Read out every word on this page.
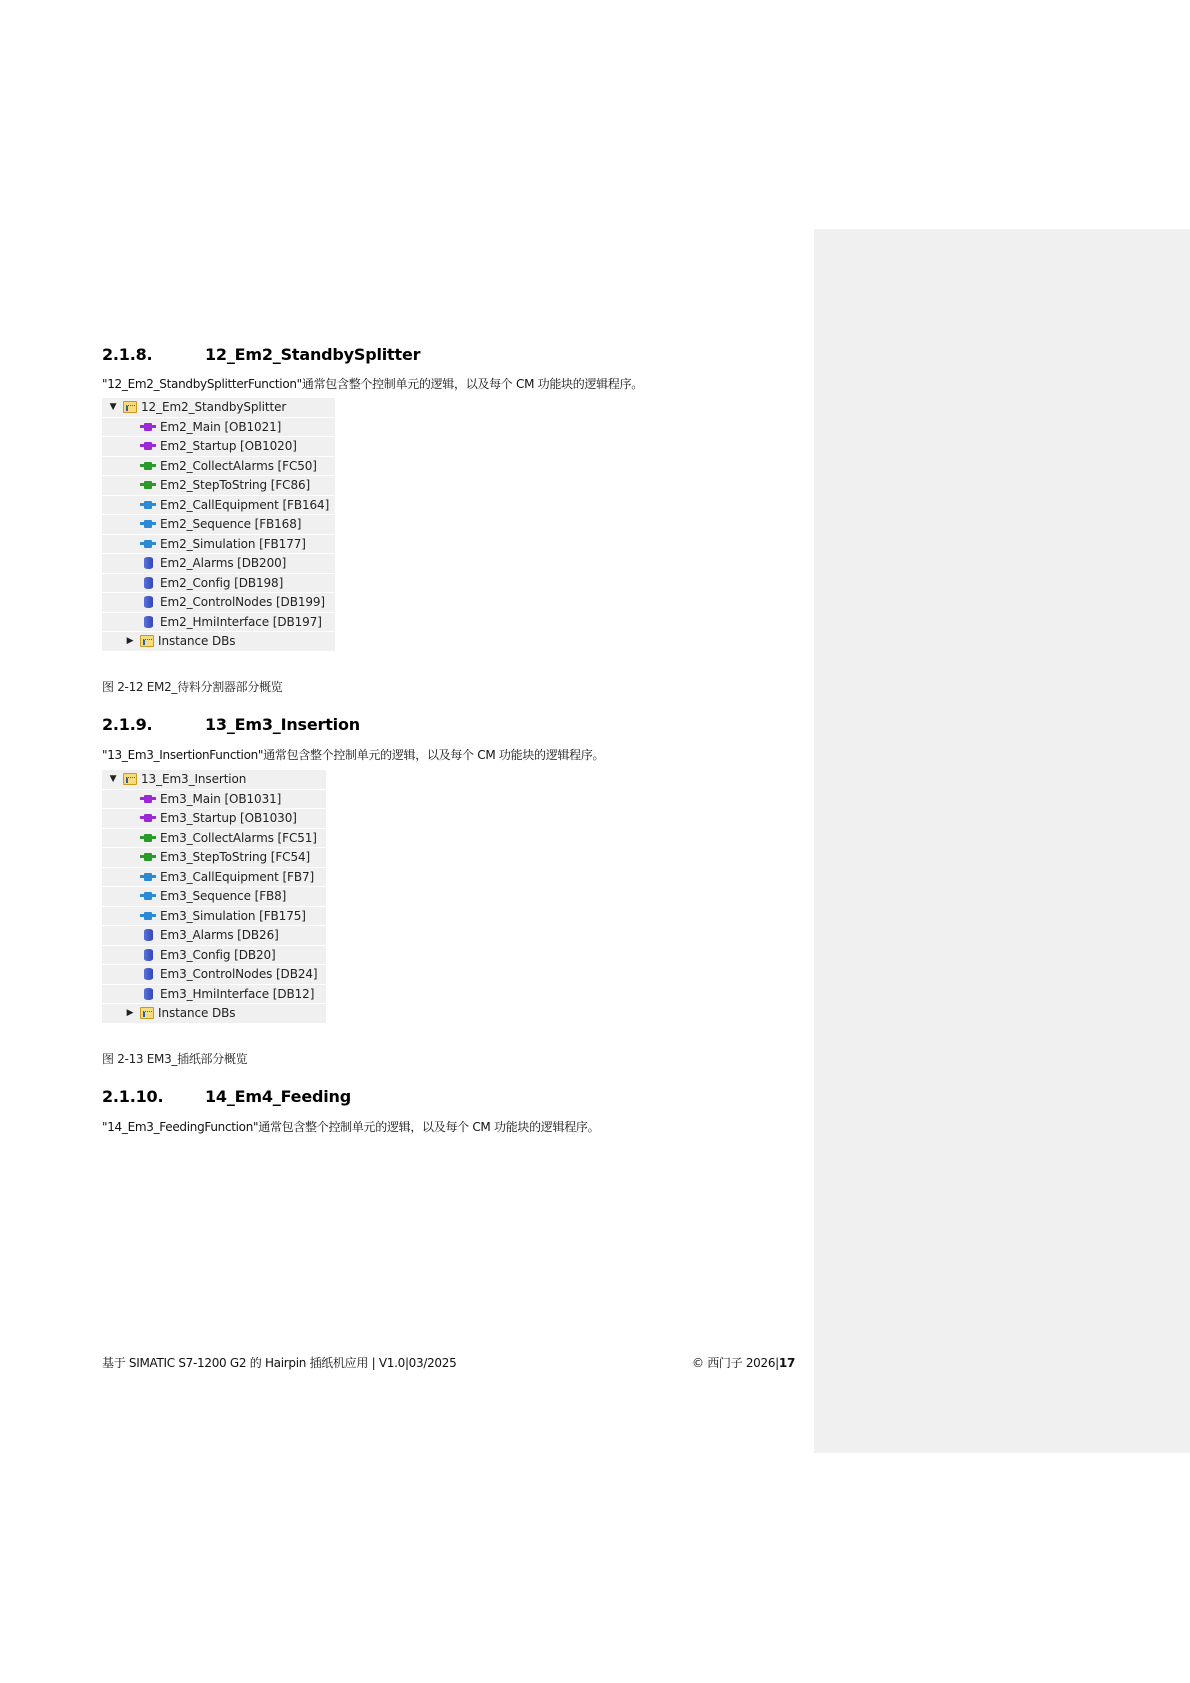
2.1.8.	12_Em2_StandbySplitter
"12_Em2_StandbySplitterFunction"通常包含整个控制单元的逻辑，以及每个 CM 功能块的逻辑程序。
▼ 12_Em2_StandbySplitter
Em2_Main [OB1021]
Em2_Startup [OB1020]
Em2_CollectAlarms [FC50]
Em2_StepToString [FC86]
Em2_CallEquipment [FB164]
Em2_Sequence [FB168]
Em2_Simulation [FB177]
Em2_Alarms [DB200]
Em2_Config [DB198]
Em2_ControlNodes [DB199]
Em2_HmiInterface [DB197]
▶ Instance DBs
图 2-12 EM2_待料分割器部分概览
2.1.9.	13_Em3_Insertion
"13_Em3_InsertionFunction"通常包含整个控制单元的逻辑，以及每个 CM 功能块的逻辑程序。
▼ 13_Em3_Insertion
Em3_Main [OB1031]
Em3_Startup [OB1030]
Em3_CollectAlarms [FC51]
Em3_StepToString [FC54]
Em3_CallEquipment [FB7]
Em3_Sequence [FB8]
Em3_Simulation [FB175]
Em3_Alarms [DB26]
Em3_Config [DB20]
Em3_ControlNodes [DB24]
Em3_HmiInterface [DB12]
▶ Instance DBs
图 2-13 EM3_插纸部分概览
2.1.10.	14_Em4_Feeding
"14_Em3_FeedingFunction"通常包含整个控制单元的逻辑，以及每个 CM 功能块的逻辑程序。
基于 SIMATIC S7-1200 G2 的 Hairpin 插纸机应用 | V1.0|03/2025	© 西门子 2026|17
